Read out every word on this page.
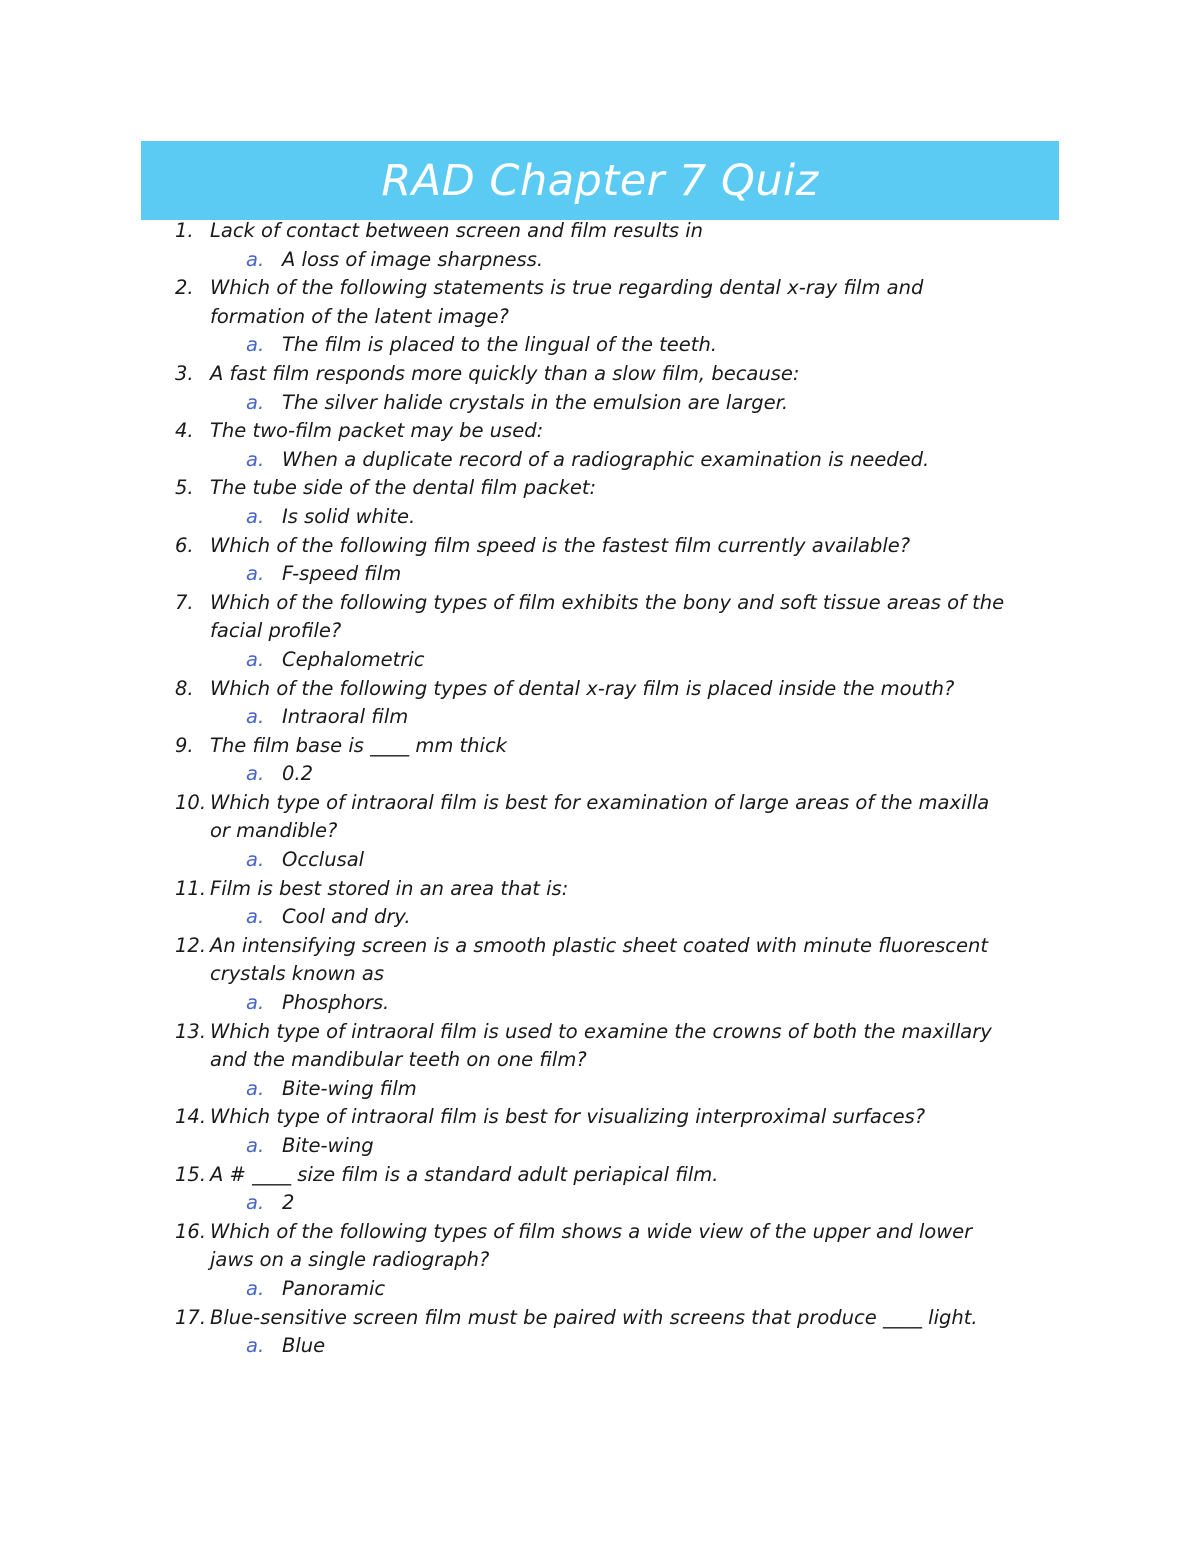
RAD Chapter 7 Quiz
1. Lack of contact between screen and film results in
a. A loss of image sharpness.
2. Which of the following statements is true regarding dental x-ray film and
formation of the latent image?
a. The film is placed to the lingual of the teeth.
3. A fast film responds more quickly than a slow film, because:
a. The silver halide crystals in the emulsion are larger.
4. The two-film packet may be used:
a. When a duplicate record of a radiographic examination is needed.
5. The tube side of the dental film packet:
a. Is solid white.
6. Which of the following film speed is the fastest film currently available?
a. F-speed film
7. Which of the following types of film exhibits the bony and soft tissue areas of the
facial profile?
a. Cephalometric
8. Which of the following types of dental x-ray film is placed inside the mouth?
a. Intraoral film
9. The film base is ____ mm thick
a. 0.2
10. Which type of intraoral film is best for examination of large areas of the maxilla
or mandible?
a. Occlusal
11. Film is best stored in an area that is:
a. Cool and dry.
12. An intensifying screen is a smooth plastic sheet coated with minute fluorescent
crystals known as
a. Phosphors.
13. Which type of intraoral film is used to examine the crowns of both the maxillary
and the mandibular teeth on one film?
a. Bite-wing film
14. Which type of intraoral film is best for visualizing interproximal surfaces?
a. Bite-wing
15. A # ____ size film is a standard adult periapical film.
a. 2
16. Which of the following types of film shows a wide view of the upper and lower
jaws on a single radiograph?
a. Panoramic
17. Blue-sensitive screen film must be paired with screens that produce ____ light.
a. Blue
